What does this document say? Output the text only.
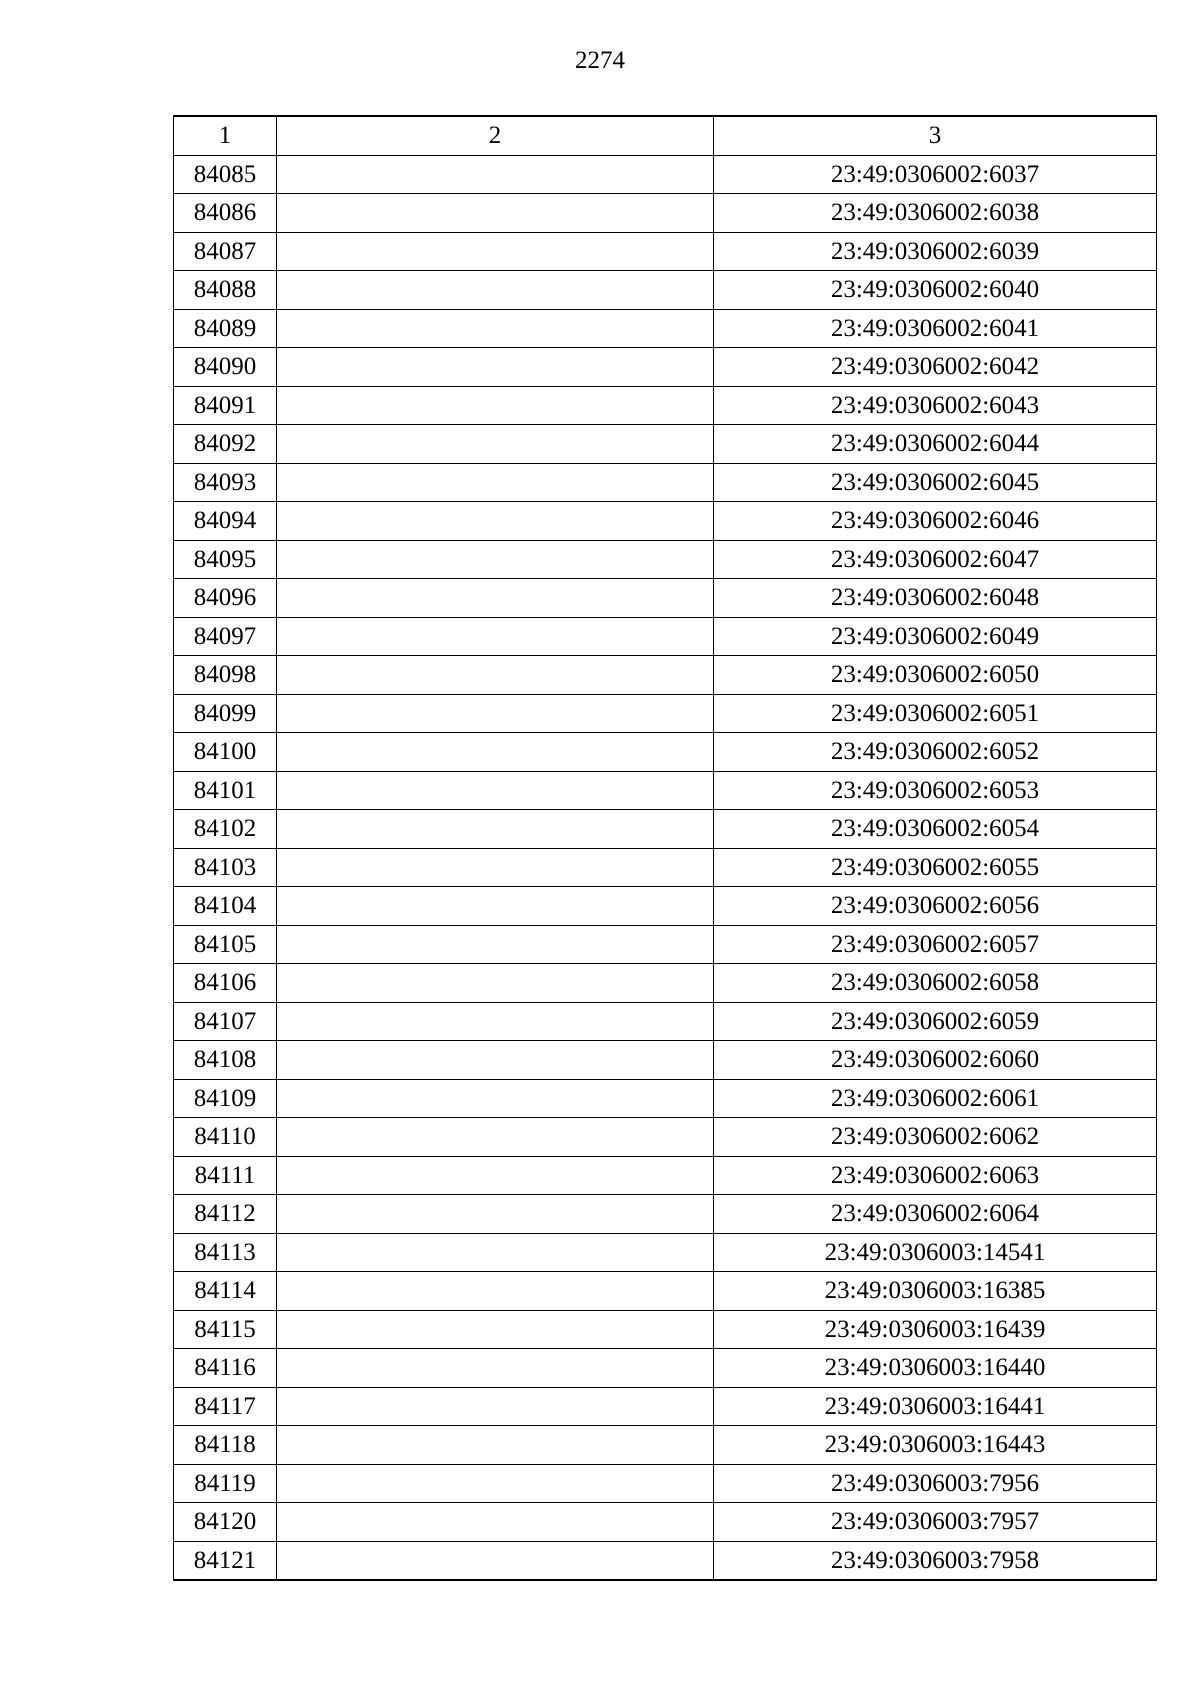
2274
1	2	3
84085		23:49:0306002:6037
84086		23:49:0306002:6038
84087		23:49:0306002:6039
84088		23:49:0306002:6040
84089		23:49:0306002:6041
84090		23:49:0306002:6042
84091		23:49:0306002:6043
84092		23:49:0306002:6044
84093		23:49:0306002:6045
84094		23:49:0306002:6046
84095		23:49:0306002:6047
84096		23:49:0306002:6048
84097		23:49:0306002:6049
84098		23:49:0306002:6050
84099		23:49:0306002:6051
84100		23:49:0306002:6052
84101		23:49:0306002:6053
84102		23:49:0306002:6054
84103		23:49:0306002:6055
84104		23:49:0306002:6056
84105		23:49:0306002:6057
84106		23:49:0306002:6058
84107		23:49:0306002:6059
84108		23:49:0306002:6060
84109		23:49:0306002:6061
84110		23:49:0306002:6062
84111		23:49:0306002:6063
84112		23:49:0306002:6064
84113		23:49:0306003:14541
84114		23:49:0306003:16385
84115		23:49:0306003:16439
84116		23:49:0306003:16440
84117		23:49:0306003:16441
84118		23:49:0306003:16443
84119		23:49:0306003:7956
84120		23:49:0306003:7957
84121		23:49:0306003:7958
